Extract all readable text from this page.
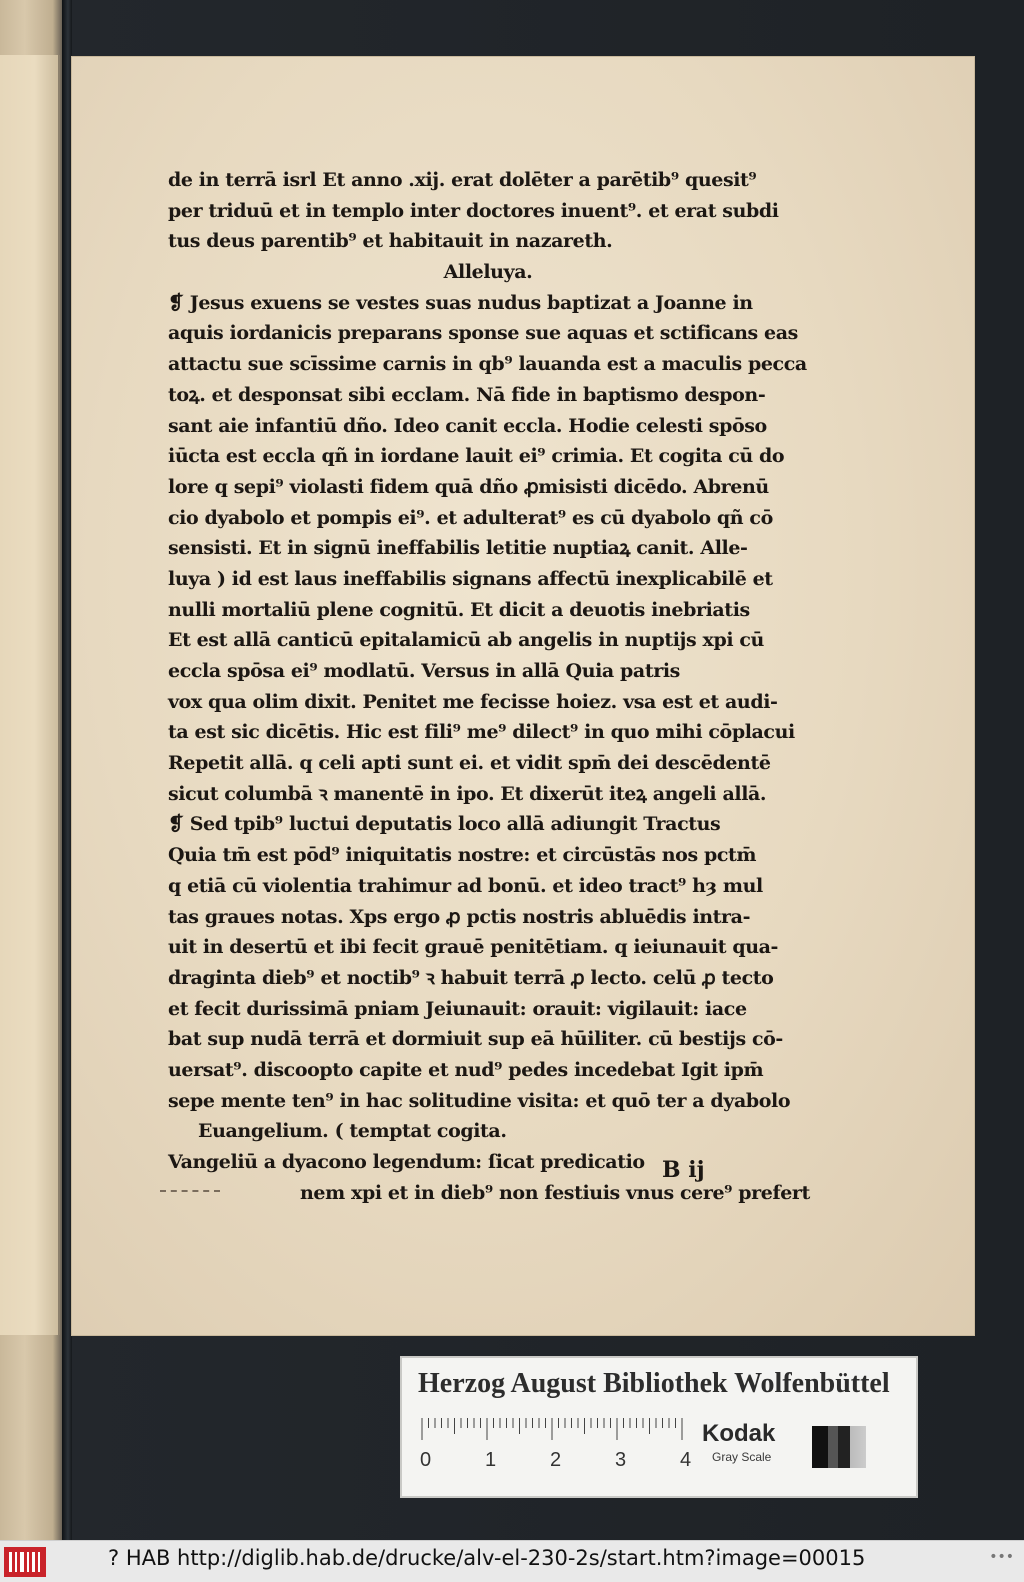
de in terrā isrl Et anno .xij. erat dolēter a parētib⁹ quesit⁹
per triduū et in templo inter doctores inuent⁹. et erat subdi
tus deus parentib⁹ et habitauit in nazareth.
Alleluya.
❡ Jesus exuens se vestes suas nudus baptizat a Joanne in
aquis iordanicis preparans sponse sue aquas et sctificans eas
attactu sue scīssime carnis in qb⁹ lauanda est a maculis pecca
toꝝ. et desponsat sibi ecclam. Nā fide in baptismo despon-
sant aie infantiū dño. Ideo canit eccla. Hodie celesti spōso
iūcta est eccla qñ in iordane lauit ei⁹ crimia. Et cogita cū do
lore q sepi⁹ violasti fidem quā dño ꝓmisisti dicēdo. Abrenū
cio dyabolo et pompis ei⁹. et adulterat⁹ es cū dyabolo qñ cō
sensisti. Et in signū ineffabilis letitie nuptiaꝝ canit. Alle-
luya ) id est laus ineffabilis signans affectū inexplicabilē et
nulli mortaliū plene cognitū. Et dicit a deuotis inebriatis
Et est allā canticū epitalamicū ab angelis in nuptijs xpi cū
eccla spōsa ei⁹ modlatū. Versus in allā Quia patris
vox qua olim dixit. Penitet me fecisse hoiez. vsa est et audi-
ta est sic dicētis. Hic est fili⁹ me⁹ dilect⁹ in quo mihi cōplacui
Repetit allā. q celi apti sunt ei. et vidit spm̄ dei descēdentē
sicut columbā ꝛ manentē in ipo. Et dixerūt iteꝝ angeli allā.
❡ Sed tpib⁹ luctui deputatis loco allā adiungit Tractus
Quia tm̄ est pōd⁹ iniquitatis nostre: et circūstās nos pctm̄
q etiā cū violentia trahimur ad bonū. et ideo tract⁹ hȝ mul
tas graues notas. Xps ergo ꝓ pctis nostris abluēdis intra-
uit in desertū et ibi fecit grauē penitētiam. q ieiunauit qua-
draginta dieb⁹ et noctib⁹ ꝛ habuit terrā ꝓ lecto. celū ꝓ tecto
et fecit durissimā pniam Jeiunauit: orauit: vigilauit: iace
bat sup nudā terrā et dormiuit sup eā hūiliter. cū bestijs cō-
uersat⁹. discoopto capite et nud⁹ pedes incedebat Igit ipm̄
sepe mente ten⁹ in hac solitudine visita: et quō ter a dyabolo
Euangelium. ( temptat cogita.
Vangeliū a dyacono legendum: ſicat predicatio
nem xpi et in dieb⁹ non festiuis vnus cere⁹ prefert
B ij
Herzog August Bibliothek Wolfenbüttel
0	1	2	3	4
Kodak
Gray Scale
? HAB http://diglib.hab.de/drucke/alv-el-230-2s/start.htm?image=00015	•••
